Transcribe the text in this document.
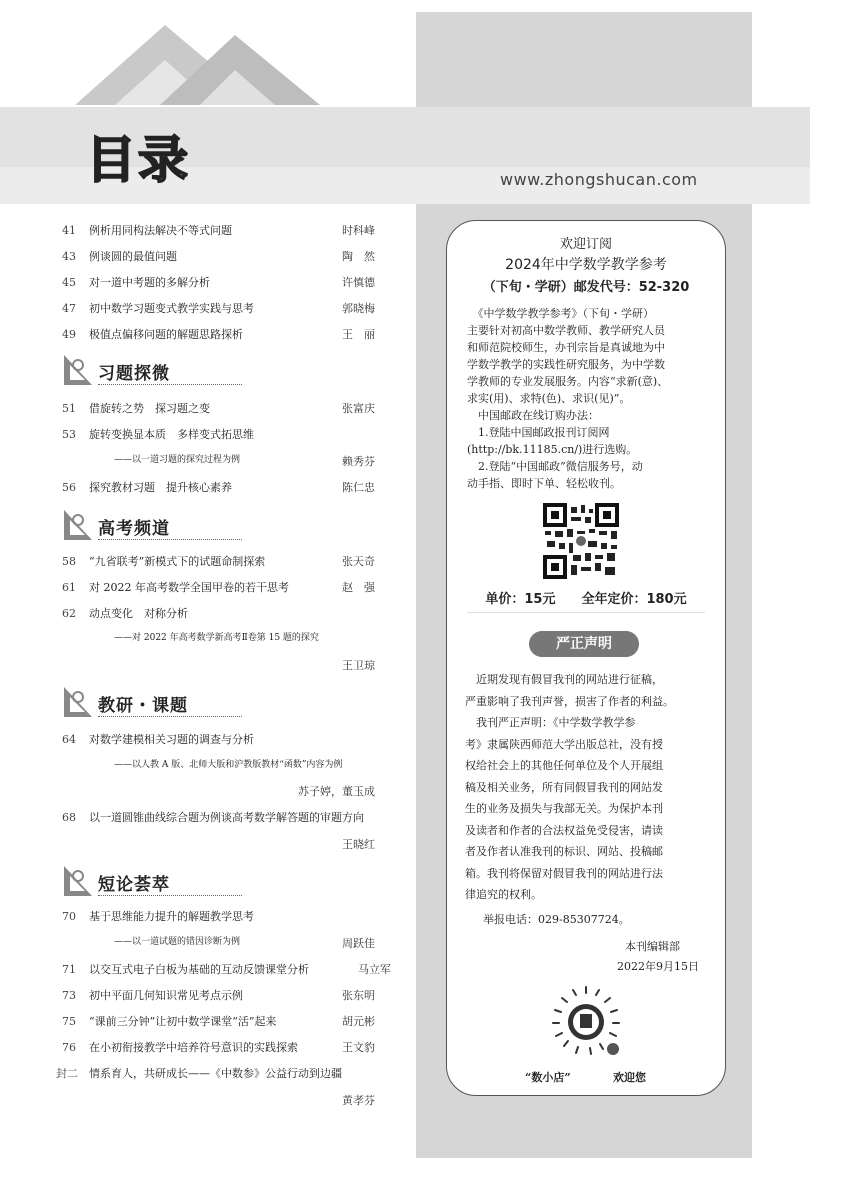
目录	www.zhongshucan.com
41 例析用同构法解决不等式问题	时科峰
43 例谈圆的最值问题	陶　然
45 对一道中考题的多解分析	许慎德
47 初中数学习题变式教学实践与思考	郭晓梅
49 极值点偏移问题的解题思路探析	王　丽
习题探微
51 借旋转之势　探习题之变	张富庆
53 旋转变换显本质　多样变式拓思维
——以一道习题的探究过程为例	赖秀芬
56 探究教材习题　提升核心素养	陈仁忠
高考频道
58 “九省联考”新模式下的试题命制探索	张天奇
61 对 2022 年高考数学全国甲卷的若干思考	赵　强
62 动点变化　对称分析
——对 2022 年高考数学新高考Ⅱ卷第 15 题的探究
王卫琼
教研・课题
64 对数学建模相关习题的调查与分析
——以人教 A 版、北师大版和沪教版教材“函数”内容为例
苏子婷，董玉成
68 以一道圆锥曲线综合题为例谈高考数学解答题的审题方向
王晓红
短论荟萃
70 基于思维能力提升的解题教学思考
——以一道试题的错因诊断为例	周跃佳
71 以交互式电子白板为基础的互动反馈课堂分析	马立军
73 初中平面几何知识常见考点示例	张东明
75 “课前三分钟”让初中数学课堂“活”起来	胡元彬
76 在小初衔接教学中培养符号意识的实践探索	王文豹
封二 情系育人，共研成长——《中数参》公益行动到边疆
黄孝芬
欢迎订阅
2024年中学数学教学参考
（下旬・学研）邮发代号：52-320
　《中学数学教学参考》（下旬・学研）
主要针对初高中数学教师、教学研究人员
和师范院校师生，办刊宗旨是真诚地为中
学数学教学的实践性研究服务，为中学数
学教师的专业发展服务。内容“求新(意)、
求实(用)、求特(色)、求识(见)”。
　中国邮政在线订购办法：
　1.登陆中国邮政报刊订阅网
(http://bk.11185.cn/)进行选购。
　2.登陆“中国邮政”微信服务号，动
动手指、即时下单、轻松收刊。
单价：15元　　全年定价：180元
严正声明
　近期发现有假冒我刊的网站进行征稿，
严重影响了我刊声誉，损害了作者的利益。
　我刊严正声明：《中学数学教学参
考》隶属陕西师范大学出版总社，没有授
权给社会上的其他任何单位及个人开展组
稿及相关业务，所有同假冒我刊的网站发
生的业务及损失与我部无关。为保护本刊
及读者和作者的合法权益免受侵害，请读
者及作者认准我刊的标识、网站、投稿邮
箱。我刊将保留对假冒我刊的网站进行法
律追究的权利。
举报电话：029-85307724。
本刊编辑部
2022年9月15日
“数小店”	欢迎您
